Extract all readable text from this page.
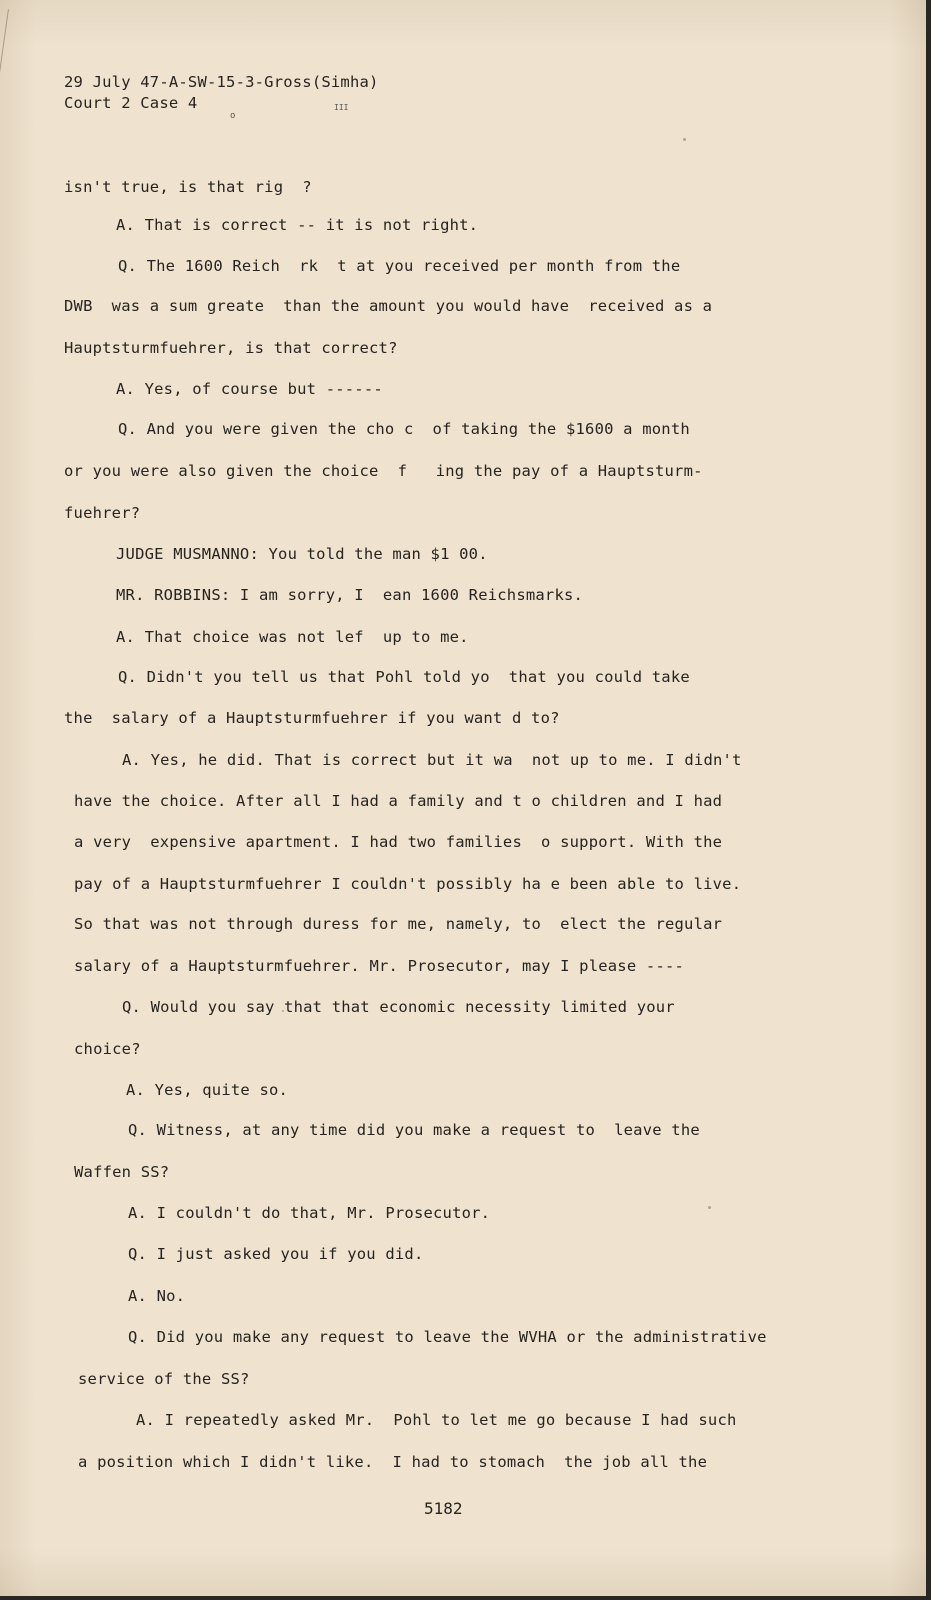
29 July 47-A-SW-15-3-Gross(Simha)

Court 2 Case 4	III
o

isn't true, is that rig  ?

A. That is correct -- it is not right.

Q. The 1600 Reich  rk  t at you received per month from the

DWB  was a sum greate  than the amount you would have  received as a

Hauptsturmfuehrer, is that correct?

A. Yes, of course but ------

Q. And you were given the cho c  of taking the $1600 a month

or you were also given the choice  f   ing the pay of a Hauptsturm-

fuehrer?

JUDGE MUSMANNO: You told the man $1 00.

MR. ROBBINS: I am sorry, I  ean 1600 Reichsmarks.

A. That choice was not lef  up to me.

Q. Didn't you tell us that Pohl told yo  that you could take

the  salary of a Hauptsturmfuehrer if you want d to?

A. Yes, he did. That is correct but it wa  not up to me. I didn't

have the choice. After all I had a family and t o children and I had

a very  expensive apartment. I had two families  o support. With the

pay of a Hauptsturmfuehrer I couldn't possibly ha e been able to live.

So that was not through duress for me, namely, to  elect the regular

salary of a Hauptsturmfuehrer. Mr. Prosecutor, may I please ----

Q. Would you say that that economic necessity limited your

choice?

A. Yes, quite so.

Q. Witness, at any time did you make a request to  leave the

Waffen SS?

A. I couldn't do that, Mr. Prosecutor.

Q. I just asked you if you did.

A. No.

Q. Did you make any request to leave the WVHA or the administrative

service of the SS?

A. I repeatedly asked Mr.  Pohl to let me go because I had such

a position which I didn't like.  I had to stomach  the job all the

5182
